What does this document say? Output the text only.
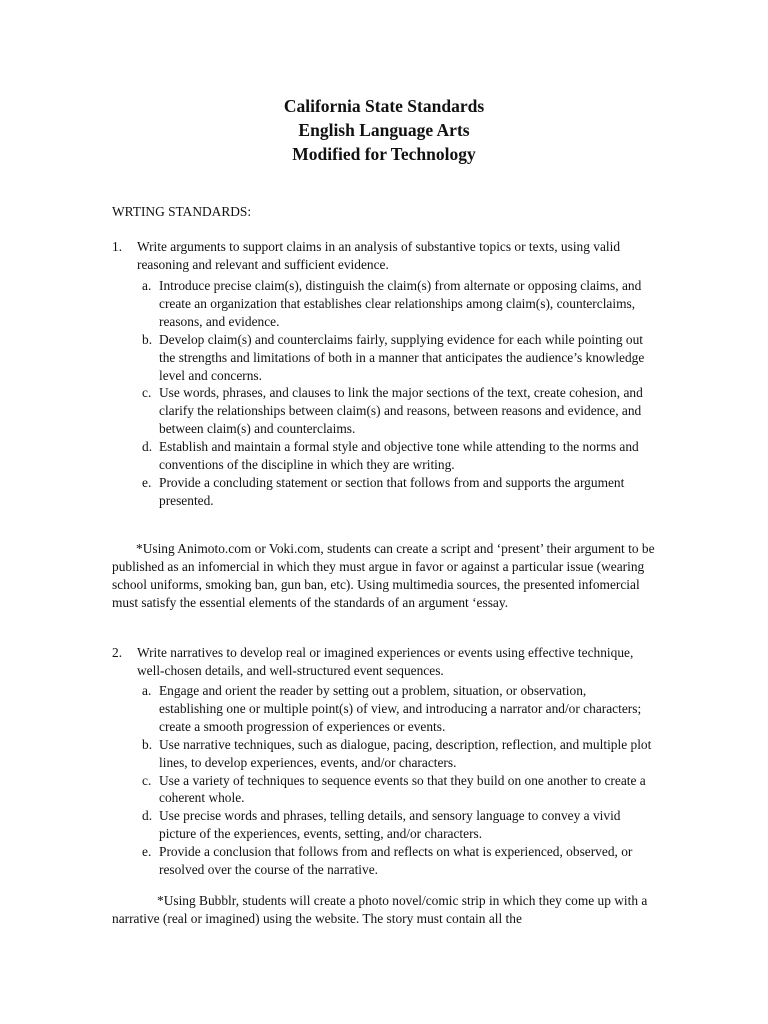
California State Standards
English Language Arts
Modified for Technology
WRTING STANDARDS:
1. Write arguments to support claims in an analysis of substantive topics or texts, using valid reasoning and relevant and sufficient evidence.
a. Introduce precise claim(s), distinguish the claim(s) from alternate or opposing claims, and create an organization that establishes clear relationships among claim(s), counterclaims, reasons, and evidence.
b. Develop claim(s) and counterclaims fairly, supplying evidence for each while pointing out the strengths and limitations of both in a manner that anticipates the audience’s knowledge level and concerns.
c. Use words, phrases, and clauses to link the major sections of the text, create cohesion, and clarify the relationships between claim(s) and reasons, between reasons and evidence, and between claim(s) and counterclaims.
d. Establish and maintain a formal style and objective tone while attending to the norms and conventions of the discipline in which they are writing.
e. Provide a concluding statement or section that follows from and supports the argument presented.
*Using Animoto.com or Voki.com, students can create a script and ‘present’ their argument to be published as an infomercial in which they must argue in favor or against a particular issue (wearing school uniforms, smoking ban, gun ban, etc). Using multimedia sources, the presented infomercial must satisfy the essential elements of the standards of an argument ‘essay.
2. Write narratives to develop real or imagined experiences or events using effective technique, well-chosen details, and well-structured event sequences.
a. Engage and orient the reader by setting out a problem, situation, or observation, establishing one or multiple point(s) of view, and introducing a narrator and/or characters; create a smooth progression of experiences or events.
b. Use narrative techniques, such as dialogue, pacing, description, reflection, and multiple plot lines, to develop experiences, events, and/or characters.
c. Use a variety of techniques to sequence events so that they build on one another to create a coherent whole.
d. Use precise words and phrases, telling details, and sensory language to convey a vivid picture of the experiences, events, setting, and/or characters.
e. Provide a conclusion that follows from and reflects on what is experienced, observed, or resolved over the course of the narrative.
*Using Bubblr, students will create a photo novel/comic strip in which they come up with a narrative (real or imagined) using the website. The story must contain all the
